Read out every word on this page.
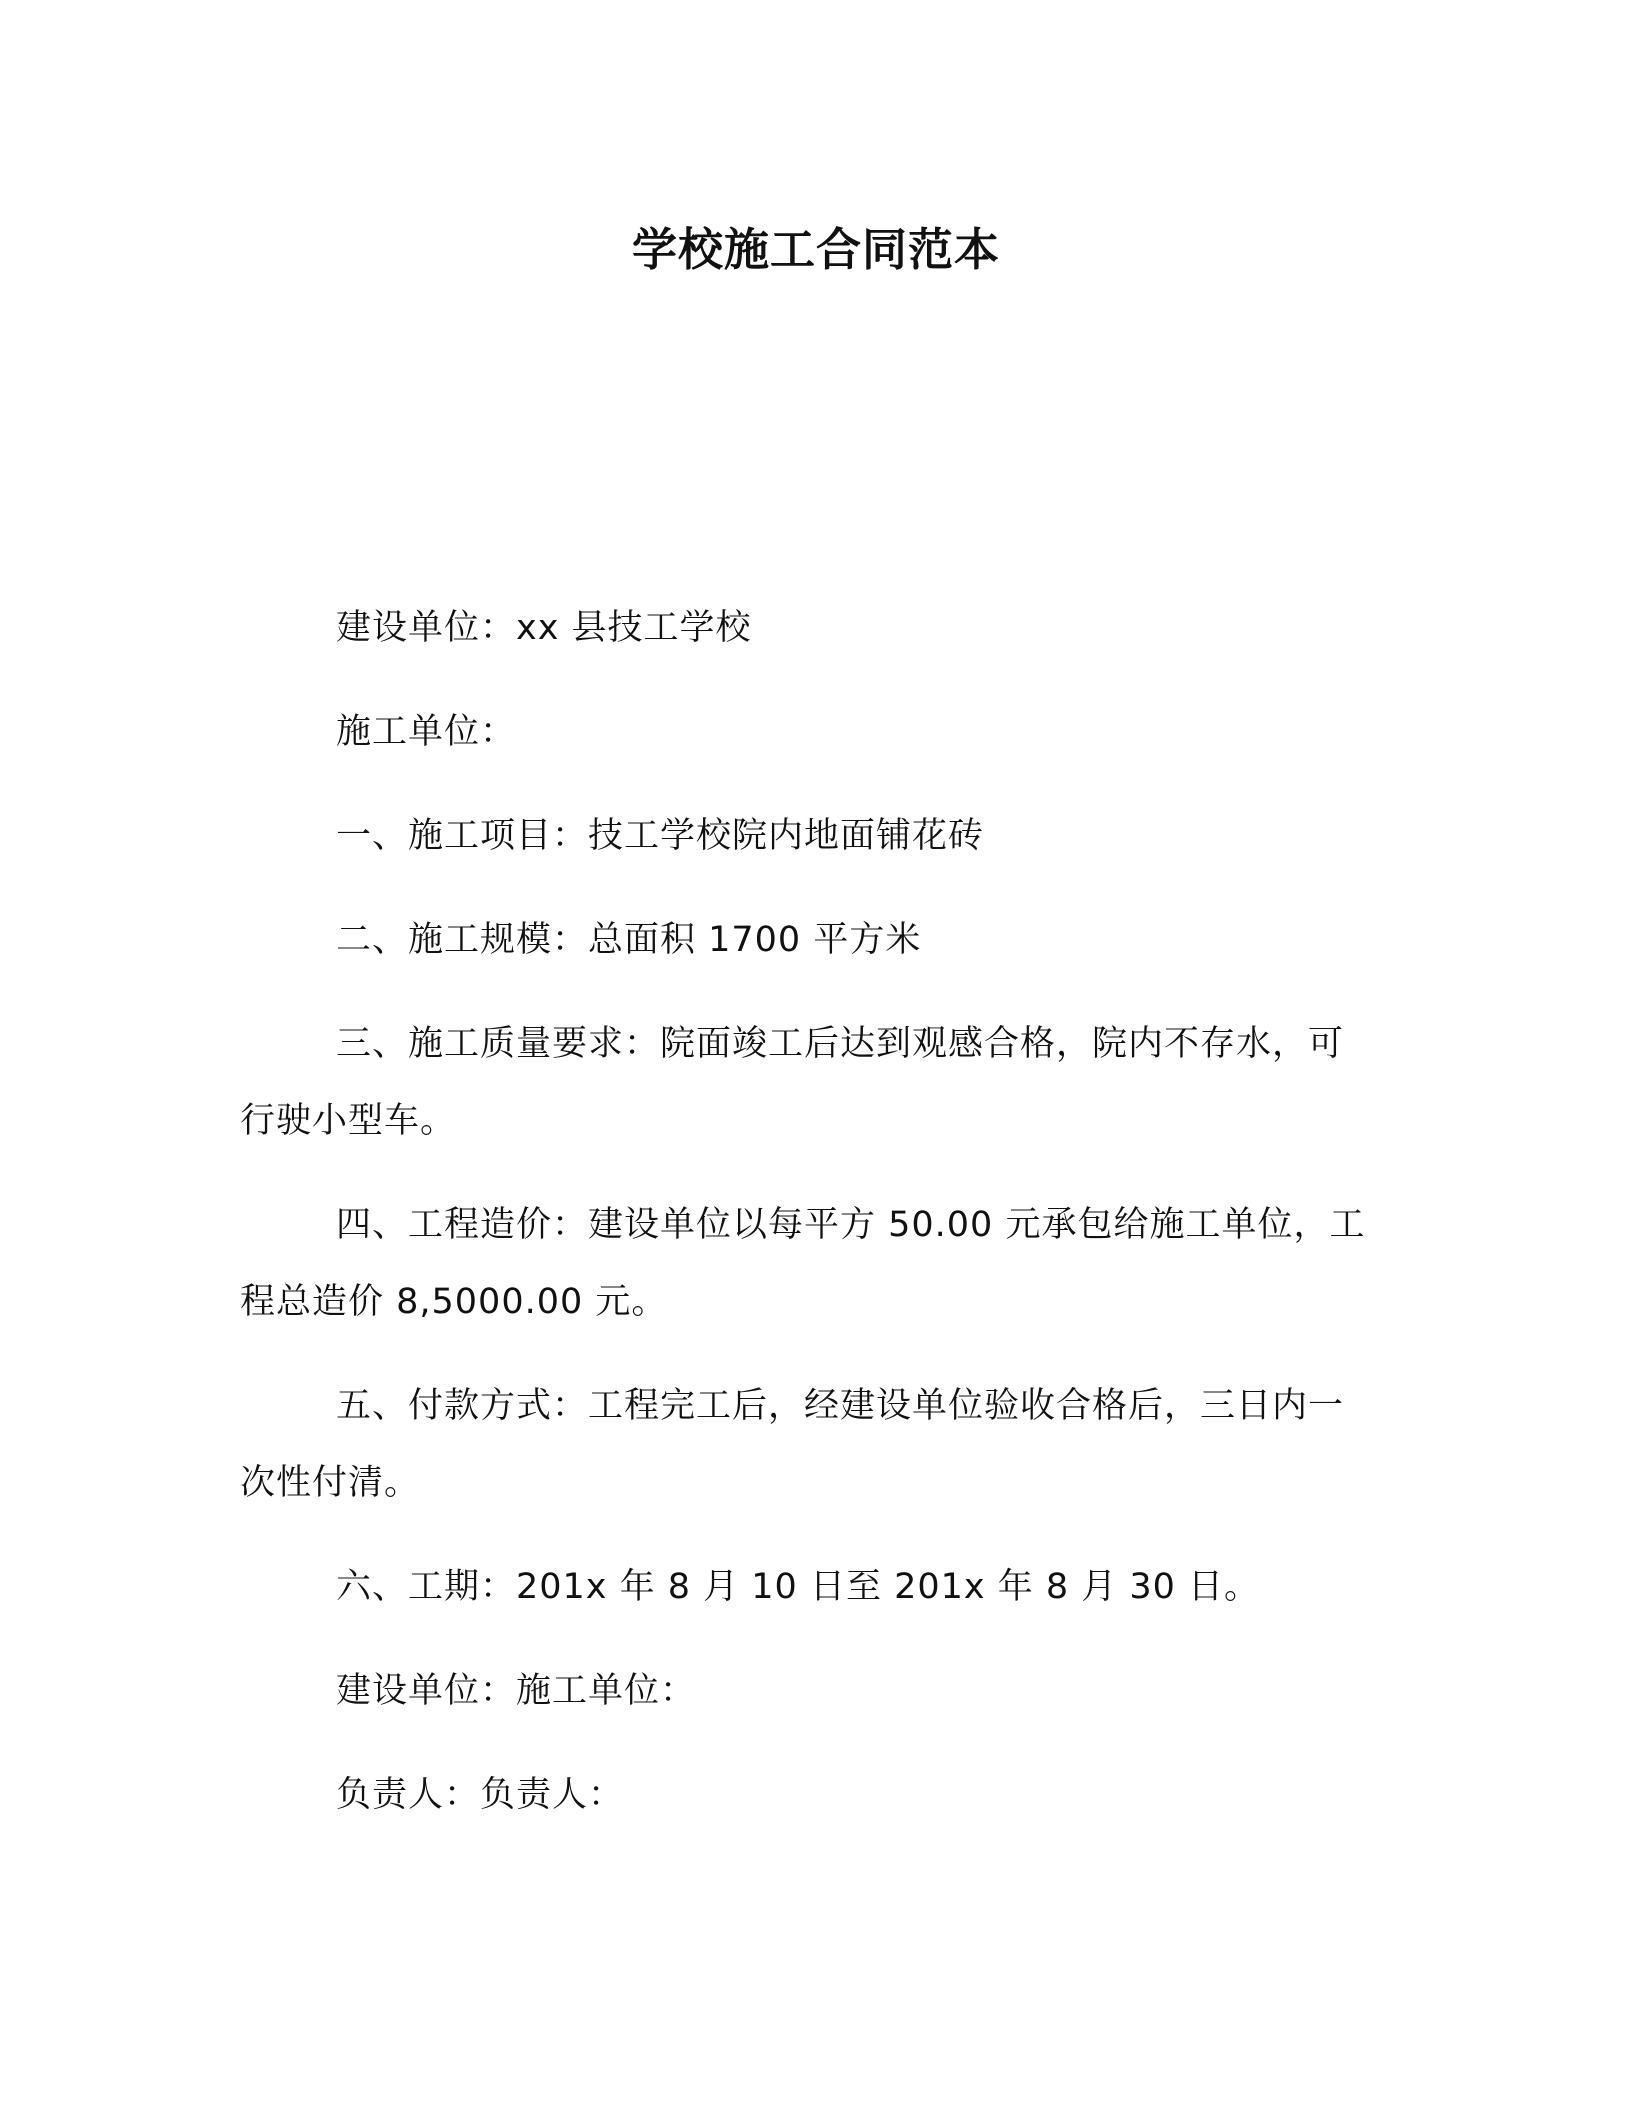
学校施工合同范本

建设单位：xx 县技工学校

施工单位：

一、施工项目：技工学校院内地面铺花砖

二、施工规模：总面积 1700 平方米

三、施工质量要求：院面竣工后达到观感合格，院内不存水，可行驶小型车。

四、工程造价：建设单位以每平方 50.00 元承包给施工单位，工程总造价 8,5000.00 元。

五、付款方式：工程完工后，经建设单位验收合格后，三日内一次性付清。

六、工期：201x 年 8 月 10 日至 201x 年 8 月 30 日。

建设单位：施工单位：

负责人：负责人：
